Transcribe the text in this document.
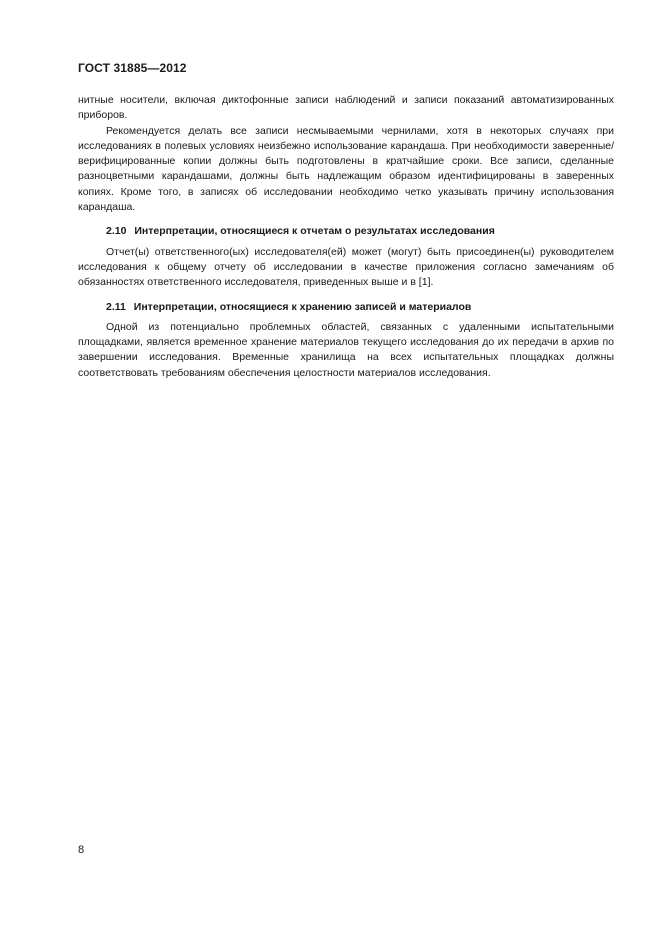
ГОСТ 31885—2012

нитные носители, включая диктофонные записи наблюдений и записи показаний автоматизированных приборов.

Рекомендуется делать все записи несмываемыми чернилами, хотя в некоторых случаях при исследованиях в полевых условиях неизбежно использование карандаша. При необходимости заверенные/верифицированные копии должны быть подготовлены в кратчайшие сроки. Все записи, сделанные разноцветными карандашами, должны быть надлежащим образом идентифицированы в заверенных копиях. Кроме того, в записях об исследовании необходимо четко указывать причину использования карандаша.

2.10 Интерпретации, относящиеся к отчетам о результатах исследования

Отчет(ы) ответственного(ых) исследователя(ей) может (могут) быть присоединен(ы) руководителем исследования к общему отчету об исследовании в качестве приложения согласно замечаниям об обязанностях ответственного исследователя, приведенных выше и в [1].

2.11 Интерпретации, относящиеся к хранению записей и материалов

Одной из потенциально проблемных областей, связанных с удаленными испытательными площадками, является временное хранение материалов текущего исследования до их передачи в архив по завершении исследования. Временные хранилища на всех испытательных площадках должны соответствовать требованиям обеспечения целостности материалов исследования.

8
